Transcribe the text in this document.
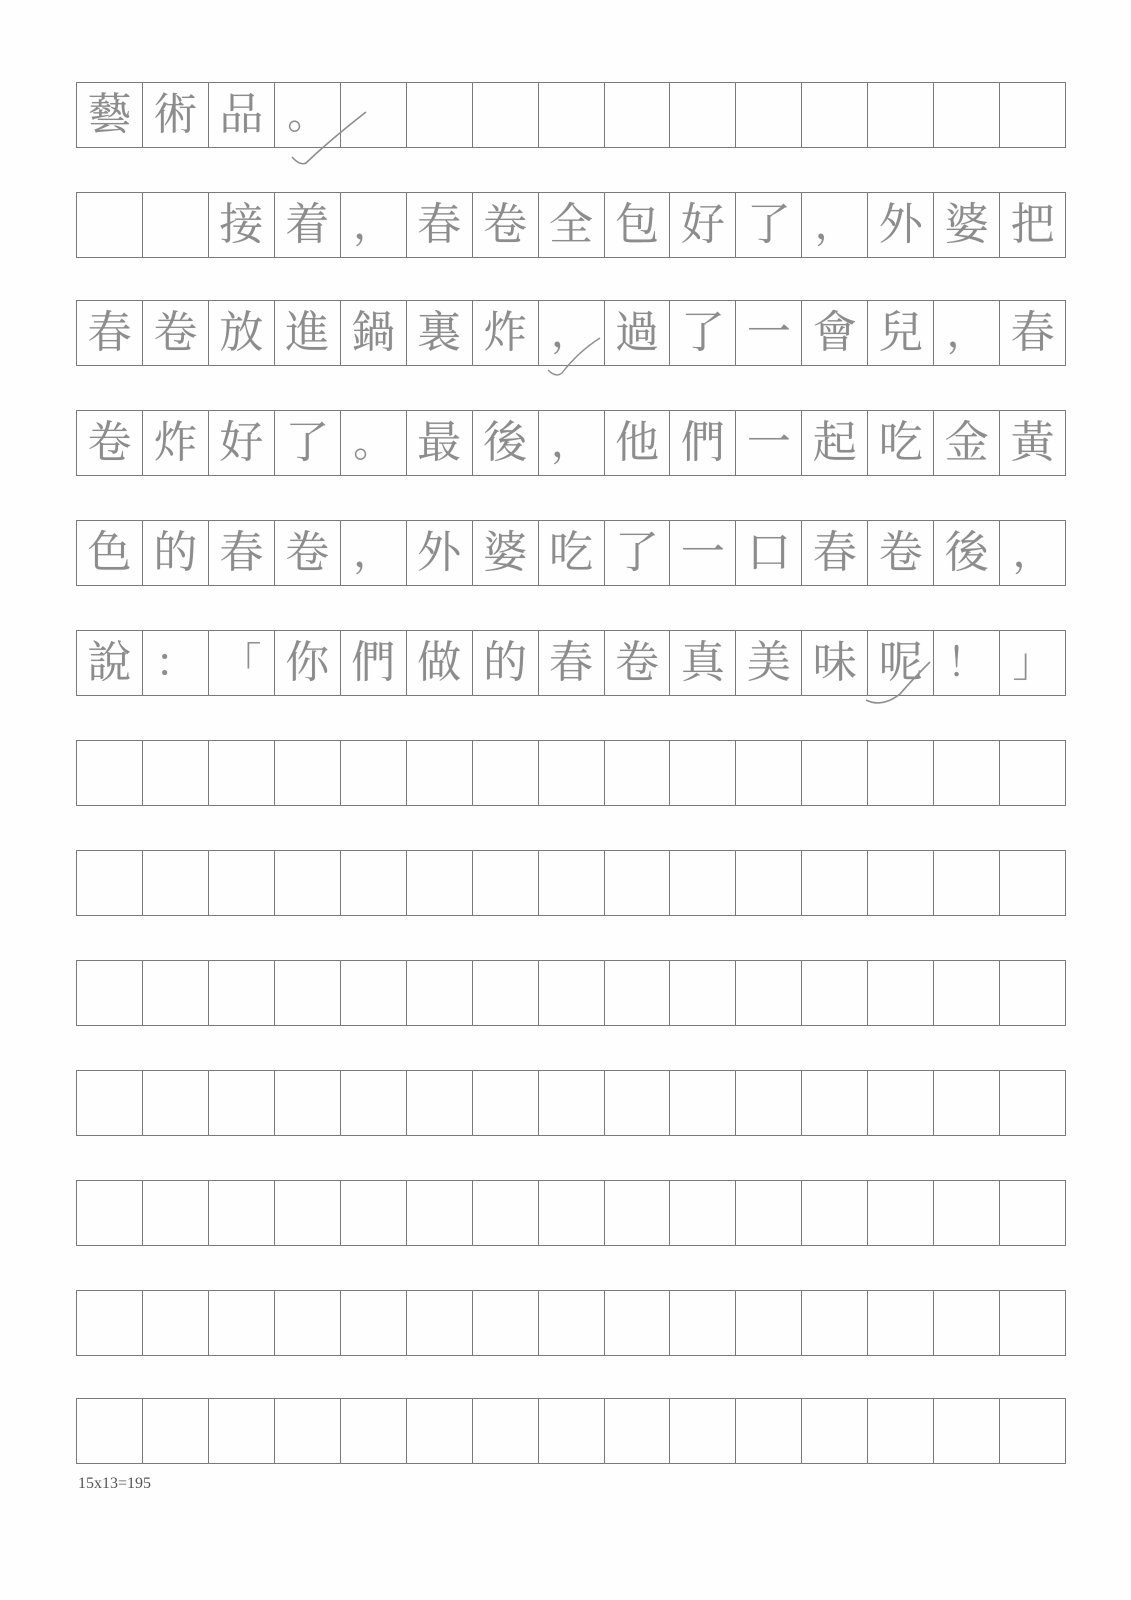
藝 術 品 。
接 着 ， 春 卷 全 包 好 了 ， 外 婆 把
春 卷 放 進 鍋 裏 炸 ， 過 了 一 會 兒 ， 春
卷 炸 好 了 。 最 後 ， 他 們 一 起 吃 金 黃
色 的 春 卷 ， 外 婆 吃 了 一 口 春 卷 後 ，
說 ： 「 你 們 做 的 春 卷 真 美 味 呢 ！ 」
15x13=195
